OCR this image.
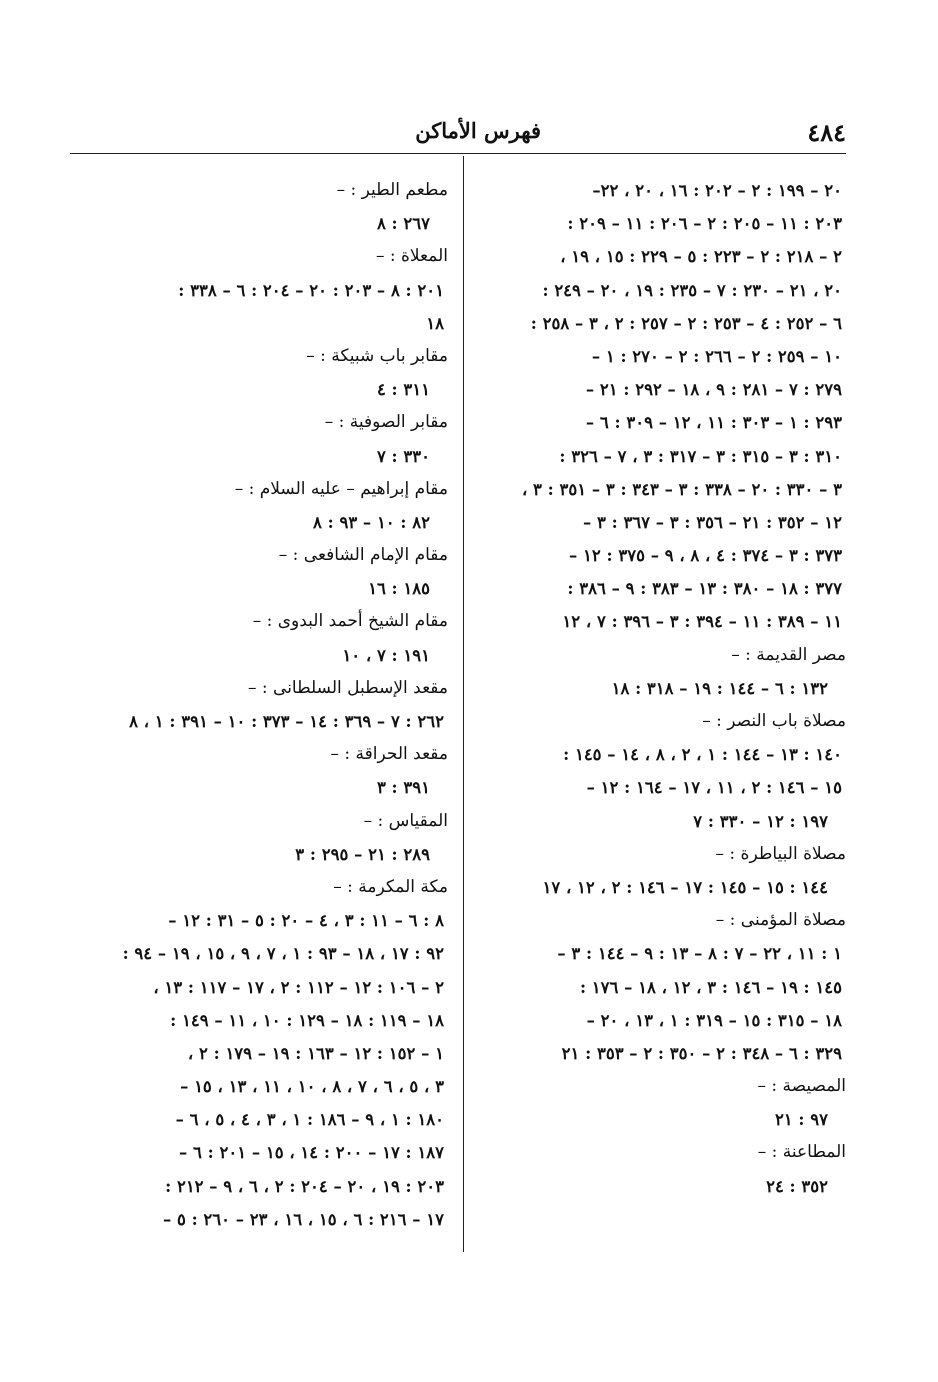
٤٨٤
فهرس الأماكن
٢٠ – ١٩٩ : ٢ – ٢٠٢ : ١٦ ، ٢٠ ، ٢٢–
٢٠٣ : ١١ – ٢٠٥ : ٢ – ٢٠٦ : ١١ – ٢٠٩ :
٢ – ٢١٨ : ٢ – ٢٢٣ : ٥ – ٢٢٩ : ١٥ ، ١٩ ،
٢٠ ، ٢١ – ٢٣٠ : ٧ – ٢٣٥ : ١٩ ، ٢٠ – ٢٤٩ :
٦ – ٢٥٢ : ٤ – ٢٥٣ : ٢ – ٢٥٧ : ٢ ، ٣ – ٢٥٨ :
١٠ – ٢٥٩ : ٢ – ٢٦٦ : ٢ – ٢٧٠ : ١ –
٢٧٩ : ٧ – ٢٨١ : ٩ ، ١٨ – ٢٩٢ : ٢١ –
٢٩٣ : ١ – ٣٠٣ : ١١ ، ١٢ – ٣٠٩ : ٦ –
٣١٠ : ٣ – ٣١٥ : ٣ – ٣١٧ : ٣ ، ٧ – ٣٢٦ :
٣ – ٣٣٠ : ٢٠ – ٣٣٨ : ٣ – ٣٤٣ : ٣ – ٣٥١ : ٣ ،
١٢ – ٣٥٢ : ٢١ – ٣٥٦ : ٣ – ٣٦٧ : ٣ –
٣٧٣ : ٣ – ٣٧٤ : ٤ ، ٨ ، ٩ – ٣٧٥ : ١٢ –
٣٧٧ : ١٨ – ٣٨٠ : ١٣ – ٣٨٣ : ٩ – ٣٨٦ :
١١ – ٣٨٩ : ١١ – ٣٩٤ : ٣ – ٣٩٦ : ٧ ، ١٢
مصر القديمة : –
١٣٢ : ٦ – ١٤٤ : ١٩ – ٣١٨ : ١٨
مصلاة باب النصر : –
١٤٠ : ١٣ – ١٤٤ : ١ ، ٢ ، ٨ ، ١٤ – ١٤٥ :
١٥ – ١٤٦ : ٢ ، ١١ ، ١٧ – ١٦٤ : ١٢ –
١٩٧ : ١٢ – ٣٣٠ : ٧
مصلاة البياطرة : –
١٤٤ : ١٥ – ١٤٥ : ١٧ – ١٤٦ : ٢ ، ١٢ ، ١٧
مصلاة المؤمنى : –
١ : ١١ ، ٢٢ – ٧ : ٨ – ١٣ : ٩ – ١٤٤ : ٣ –
١٤٥ : ١٩ – ١٤٦ : ٣ ، ١٢ ، ١٨ – ١٧٦ :
١٨ – ٣١٥ : ١٥ – ٣١٩ : ١ ، ١٣ ، ٢٠ –
٣٢٩ : ٦ – ٣٤٨ : ٢ – ٣٥٠ : ٢ – ٣٥٣ : ٢١
المصيصة : –
٩٧ : ٢١
المطاعنة : –
٣٥٢ : ٢٤
مطعم الطير : –
٢٦٧ : ٨
المعلاة : –
٢٠١ : ٨ – ٢٠٣ : ٢٠ – ٢٠٤ : ٦ – ٣٣٨ :
١٨
مقابر باب شبيكة : –
٣١١ : ٤
مقابر الصوفية : –
٣٣٠ : ٧
مقام إبراهيم – عليه السلام : –
٨٢ : ١٠ – ٩٣ : ٨
مقام الإمام الشافعى : –
١٨٥ : ١٦
مقام الشيخ أحمد البدوى : –
١٩١ : ٧ ، ١٠
مقعد الإسطبل السلطانى : –
٢٦٢ : ٧ – ٣٦٩ : ١٤ – ٣٧٣ : ١٠ – ٣٩١ : ١ ، ٨
مقعد الحراقة : –
٣٩١ : ٣
المقياس : –
٢٨٩ : ٢١ – ٢٩٥ : ٣
مكة المكرمة : –
٨ : ٦ – ١١ : ٣ ، ٤ – ٢٠ : ٥ – ٣١ : ١٢ –
٩٢ : ١٧ ، ١٨ – ٩٣ : ١ ، ٧ ، ٩ ، ١٥ ، ١٩ – ٩٤ :
٢ – ١٠٦ : ١٢ – ١١٢ : ٢ ، ١٧ – ١١٧ : ١٣ ،
١٨ – ١١٩ : ١٨ – ١٢٩ : ١٠ ، ١١ – ١٤٩ :
١ – ١٥٢ : ١٢ – ١٦٣ : ١٩ – ١٧٩ : ٢ ،
٣ ، ٥ ، ٦ ، ٧ ، ٨ ، ١٠ ، ١١ ، ١٣ ، ١٥ –
١٨٠ : ١ ، ٩ – ١٨٦ : ١ ، ٣ ، ٤ ، ٥ ، ٦ –
١٨٧ : ١٧ – ٢٠٠ : ١٤ ، ١٥ – ٢٠١ : ٦ –
٢٠٣ : ١٩ ، ٢٠ – ٢٠٤ : ٢ ، ٦ ، ٩ – ٢١٢ :
١٧ – ٢١٦ : ٦ ، ١٥ ، ١٦ ، ٢٣ – ٢٦٠ : ٥ –
